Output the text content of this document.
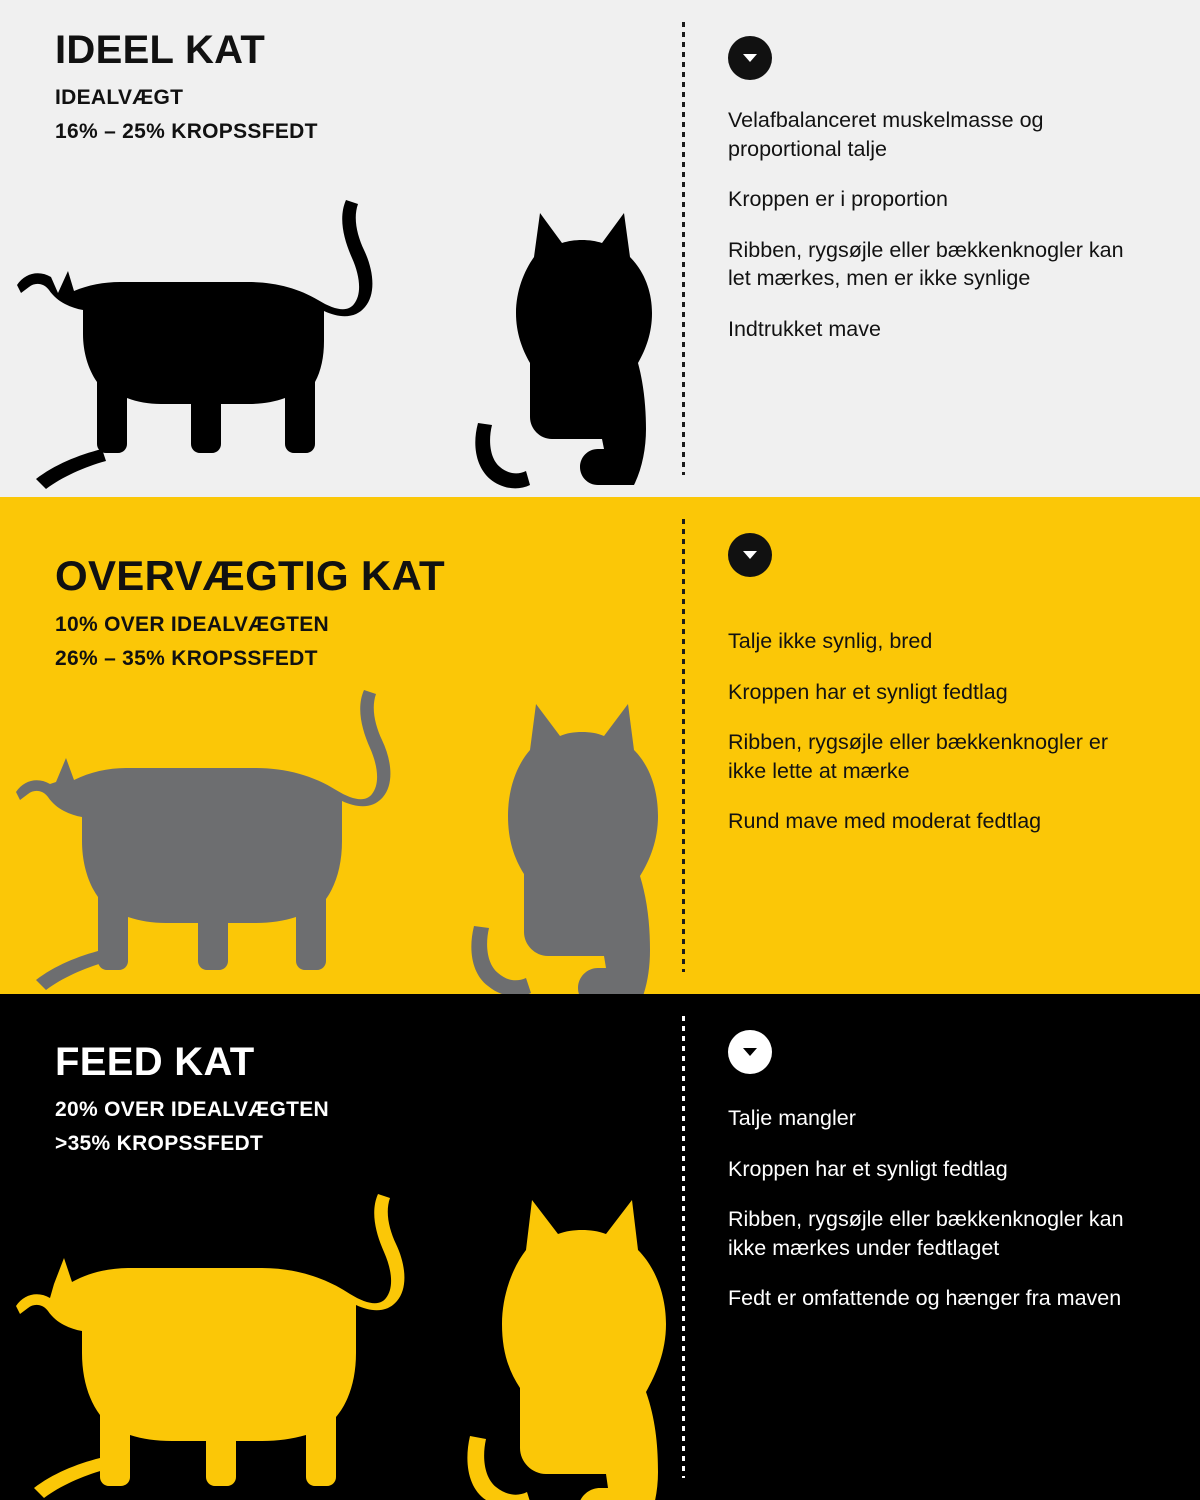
IDEEL KAT
IDEALVÆGT
16% – 25% KROPSSFEDT	Velafbalanceret muskelmasse og proportional talje
Kroppen er i proportion
Ribben, rygsøjle eller bækkenknogler kan let mærkes, men er ikke synlige
Indtrukket mave
OVERVÆGTIG KAT
10% OVER IDEALVÆGTEN
26% – 35% KROPSSFEDT
Talje ikke synlig, bred
Kroppen har et synligt fedtlag
Ribben, rygsøjle eller bækkenknogler er ikke lette at mærke
Rund mave med moderat fedtlag
FEED KAT
20% OVER IDEALVÆGTEN
>35% KROPSSFEDT
Talje mangler
Kroppen har et synligt fedtlag
Ribben, rygsøjle eller bækkenknogler kan ikke mærkes under fedtlaget
Fedt er omfattende og hænger fra maven
